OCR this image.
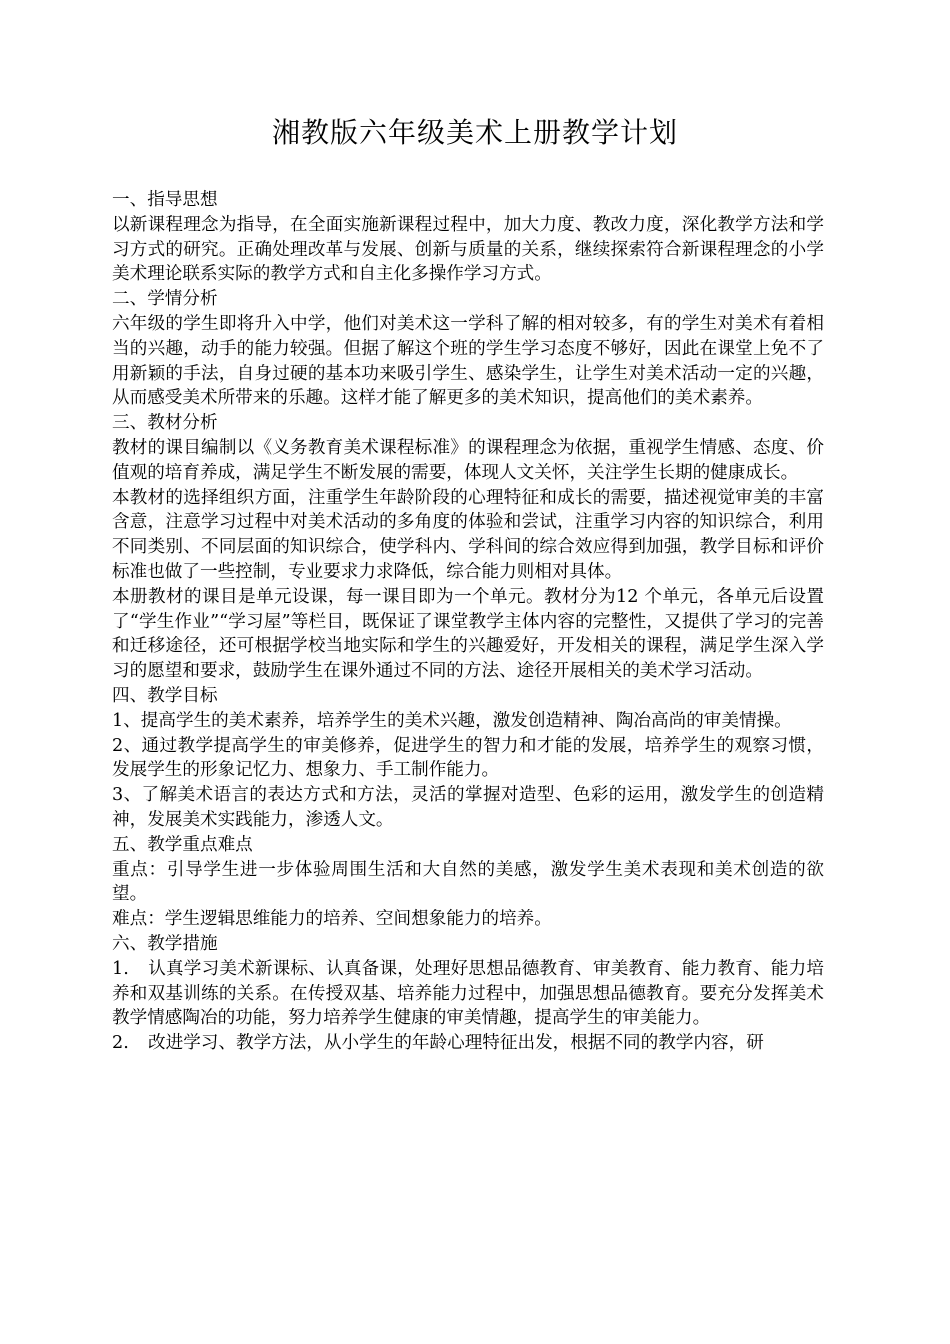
湘教版六年级美术上册教学计划

一、指导思想

以新课程理念为指导，在全面实施新课程过程中，加大力度、教改力度，深化教学方法和学习方式的研究。正确处理改革与发展、创新与质量的关系，继续探索符合新课程理念的小学美术理论联系实际的教学方式和自主化多操作学习方式。

二、学情分析

六年级的学生即将升入中学，他们对美术这一学科了解的相对较多，有的学生对美术有着相当的兴趣，动手的能力较强。但据了解这个班的学生学习态度不够好，因此在课堂上免不了用新颖的手法，自身过硬的基本功来吸引学生、感染学生，让学生对美术活动一定的兴趣，从而感受美术所带来的乐趣。这样才能了解更多的美术知识，提高他们的美术素养。

三、教材分析

教材的课目编制以《义务教育美术课程标准》的课程理念为依据，重视学生情感、态度、价值观的培育养成，满足学生不断发展的需要，体现人文关怀，关注学生长期的健康成长。

本教材的选择组织方面，注重学生年龄阶段的心理特征和成长的需要，描述视觉审美的丰富含意，注意学习过程中对美术活动的多角度的体验和尝试，注重学习内容的知识综合，利用不同类别、不同层面的知识综合，使学科内、学科间的综合效应得到加强，教学目标和评价标准也做了一些控制，专业要求力求降低，综合能力则相对具体。

本册教材的课目是单元设课，每一课目即为一个单元。教材分为12 个单元，各单元后设置了“学生作业”“学习屋”等栏目，既保证了课堂教学主体内容的完整性，又提供了学习的完善和迁移途径，还可根据学校当地实际和学生的兴趣爱好，开发相关的课程，满足学生深入学习的愿望和要求，鼓励学生在课外通过不同的方法、途径开展相关的美术学习活动。

四、教学目标

1、提高学生的美术素养，培养学生的美术兴趣，激发创造精神、陶冶高尚的审美情操。

2、通过教学提高学生的审美修养，促进学生的智力和才能的发展，培养学生的观察习惯，发展学生的形象记忆力、想象力、手工制作能力。

3、了解美术语言的表达方式和方法，灵活的掌握对造型、色彩的运用，激发学生的创造精神，发展美术实践能力，渗透人文。

五、教学重点难点

重点：引导学生进一步体验周围生活和大自然的美感，激发学生美术表现和美术创造的欲望。

难点：学生逻辑思维能力的培养、空间想象能力的培养。

六、教学措施

1. 认真学习美术新课标、认真备课，处理好思想品德教育、审美教育、能力教育、能力培养和双基训练的关系。在传授双基、培养能力过程中，加强思想品德教育。要充分发挥美术教学情感陶冶的功能，努力培养学生健康的审美情趣，提高学生的审美能力。

2. 改进学习、教学方法，从小学生的年龄心理特征出发，根据不同的教学内容，研
